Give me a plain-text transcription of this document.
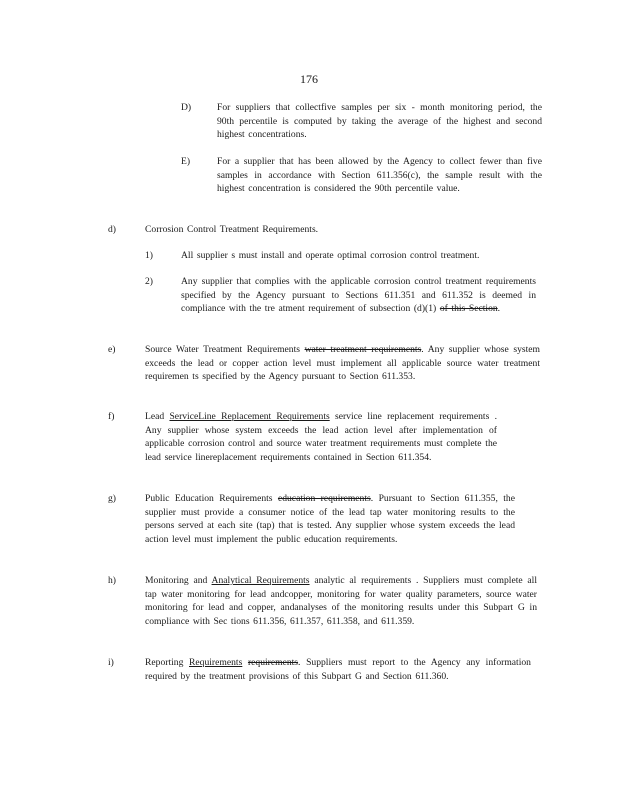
176
D)	For suppliers that collectfive samples per six - month monitoring period, the 90th percentile is computed by taking the average of the highest and second highest concentrations.
E)	For a supplier that has been allowed by the Agency to collect fewer than five samples in accordance with Section 611.356(c), the sample result with the highest concentration is considered the 90th percentile value.
d)	Corrosion Control Treatment Requirements.
1)	All supplier s must install and operate optimal corrosion control treatment.
2)	Any supplier that complies with the applicable corrosion control treatment requirements specified by the Agency pursuant to Sections 611.351 and 611.352 is deemed in compliance with the tre atment requirement of subsection (d)(1) of this Section.
e)	Source Water Treatment Requirements water treatment requirements. Any supplier whose system exceeds the lead or copper action level must implement all applicable source water treatment requiremen ts specified by the Agency pursuant to Section 611.353.
f)	Lead ServiceLine Replacement Requirements service line replacement requirements . Any supplier whose system exceeds the lead action level after implementation of applicable corrosion control and source water treatment requirements must complete the lead service linereplacement requirements contained in Section 611.354.
g)	Public Education Requirements education requirements. Pursuant to Section 611.355, the supplier must provide a consumer notice of the lead tap water monitoring results to the persons served at each site (tap) that is tested. Any supplier whose system exceeds the lead action level must implement the public education requirements.
h)	Monitoring and Analytical Requirements analytic al requirements . Suppliers must complete all tap water monitoring for lead andcopper, monitoring for water quality parameters, source water monitoring for lead and copper, andanalyses of the monitoring results under this Subpart G in compliance with Sec tions 611.356, 611.357, 611.358, and 611.359.
i)	Reporting Requirements requirements. Suppliers must report to the Agency any information required by the treatment provisions of this Subpart G and Section 611.360.
